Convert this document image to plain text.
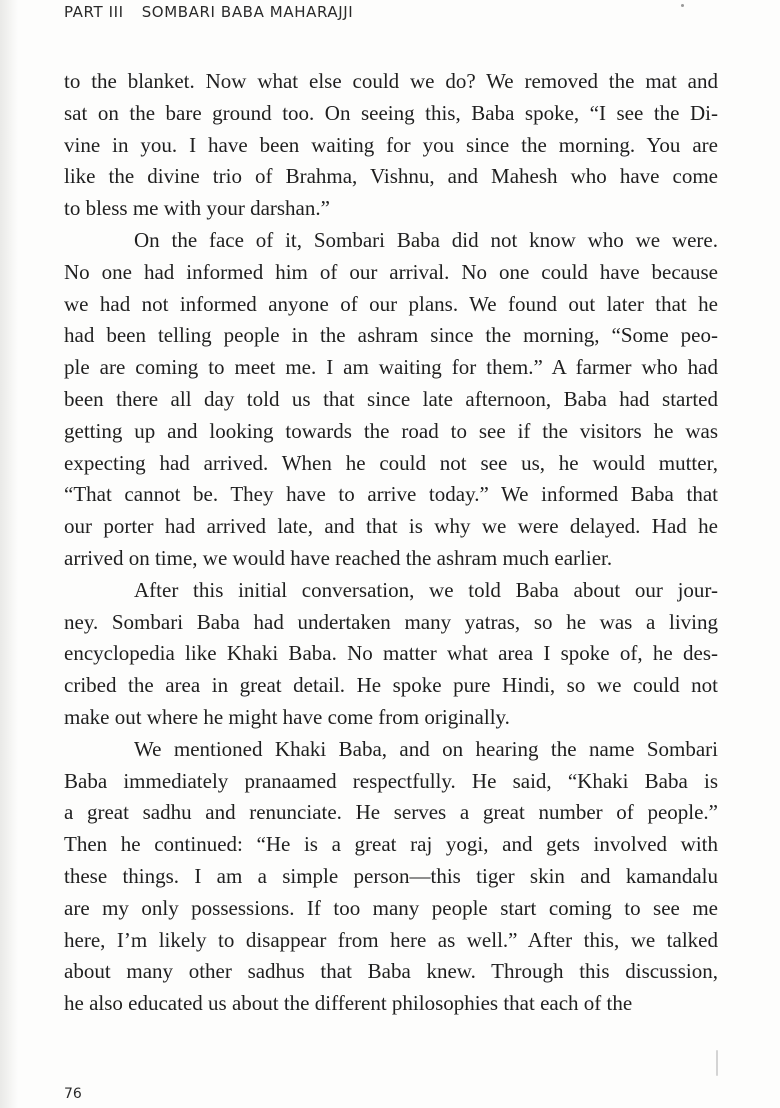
PART III SOMBARI BABA MAHARAJJI
to the blanket. Now what else could we do? We removed the mat and
sat on the bare ground too. On seeing this, Baba spoke, “I see the Di-
vine in you. I have been waiting for you since the morning. You are
like the divine trio of Brahma, Vishnu, and Mahesh who have come
to bless me with your darshan.”
On the face of it, Sombari Baba did not know who we were.
No one had informed him of our arrival. No one could have because
we had not informed anyone of our plans. We found out later that he
had been telling people in the ashram since the morning, “Some peo-
ple are coming to meet me. I am waiting for them.” A farmer who had
been there all day told us that since late afternoon, Baba had started
getting up and looking towards the road to see if the visitors he was
expecting had arrived. When he could not see us, he would mutter,
“That cannot be. They have to arrive today.” We informed Baba that
our porter had arrived late, and that is why we were delayed. Had he
arrived on time, we would have reached the ashram much earlier.
After this initial conversation, we told Baba about our jour-
ney. Sombari Baba had undertaken many yatras, so he was a living
encyclopedia like Khaki Baba. No matter what area I spoke of, he des-
cribed the area in great detail. He spoke pure Hindi, so we could not
make out where he might have come from originally.
We mentioned Khaki Baba, and on hearing the name Sombari
Baba immediately pranaamed respectfully. He said, “Khaki Baba is
a great sadhu and renunciate. He serves a great number of people.”
Then he continued: “He is a great raj yogi, and gets involved with
these things. I am a simple person—this tiger skin and kamandalu
are my only possessions. If too many people start coming to see me
here, I’m likely to disappear from here as well.” After this, we talked
about many other sadhus that Baba knew. Through this discussion,
he also educated us about the different philosophies that each of the
76
